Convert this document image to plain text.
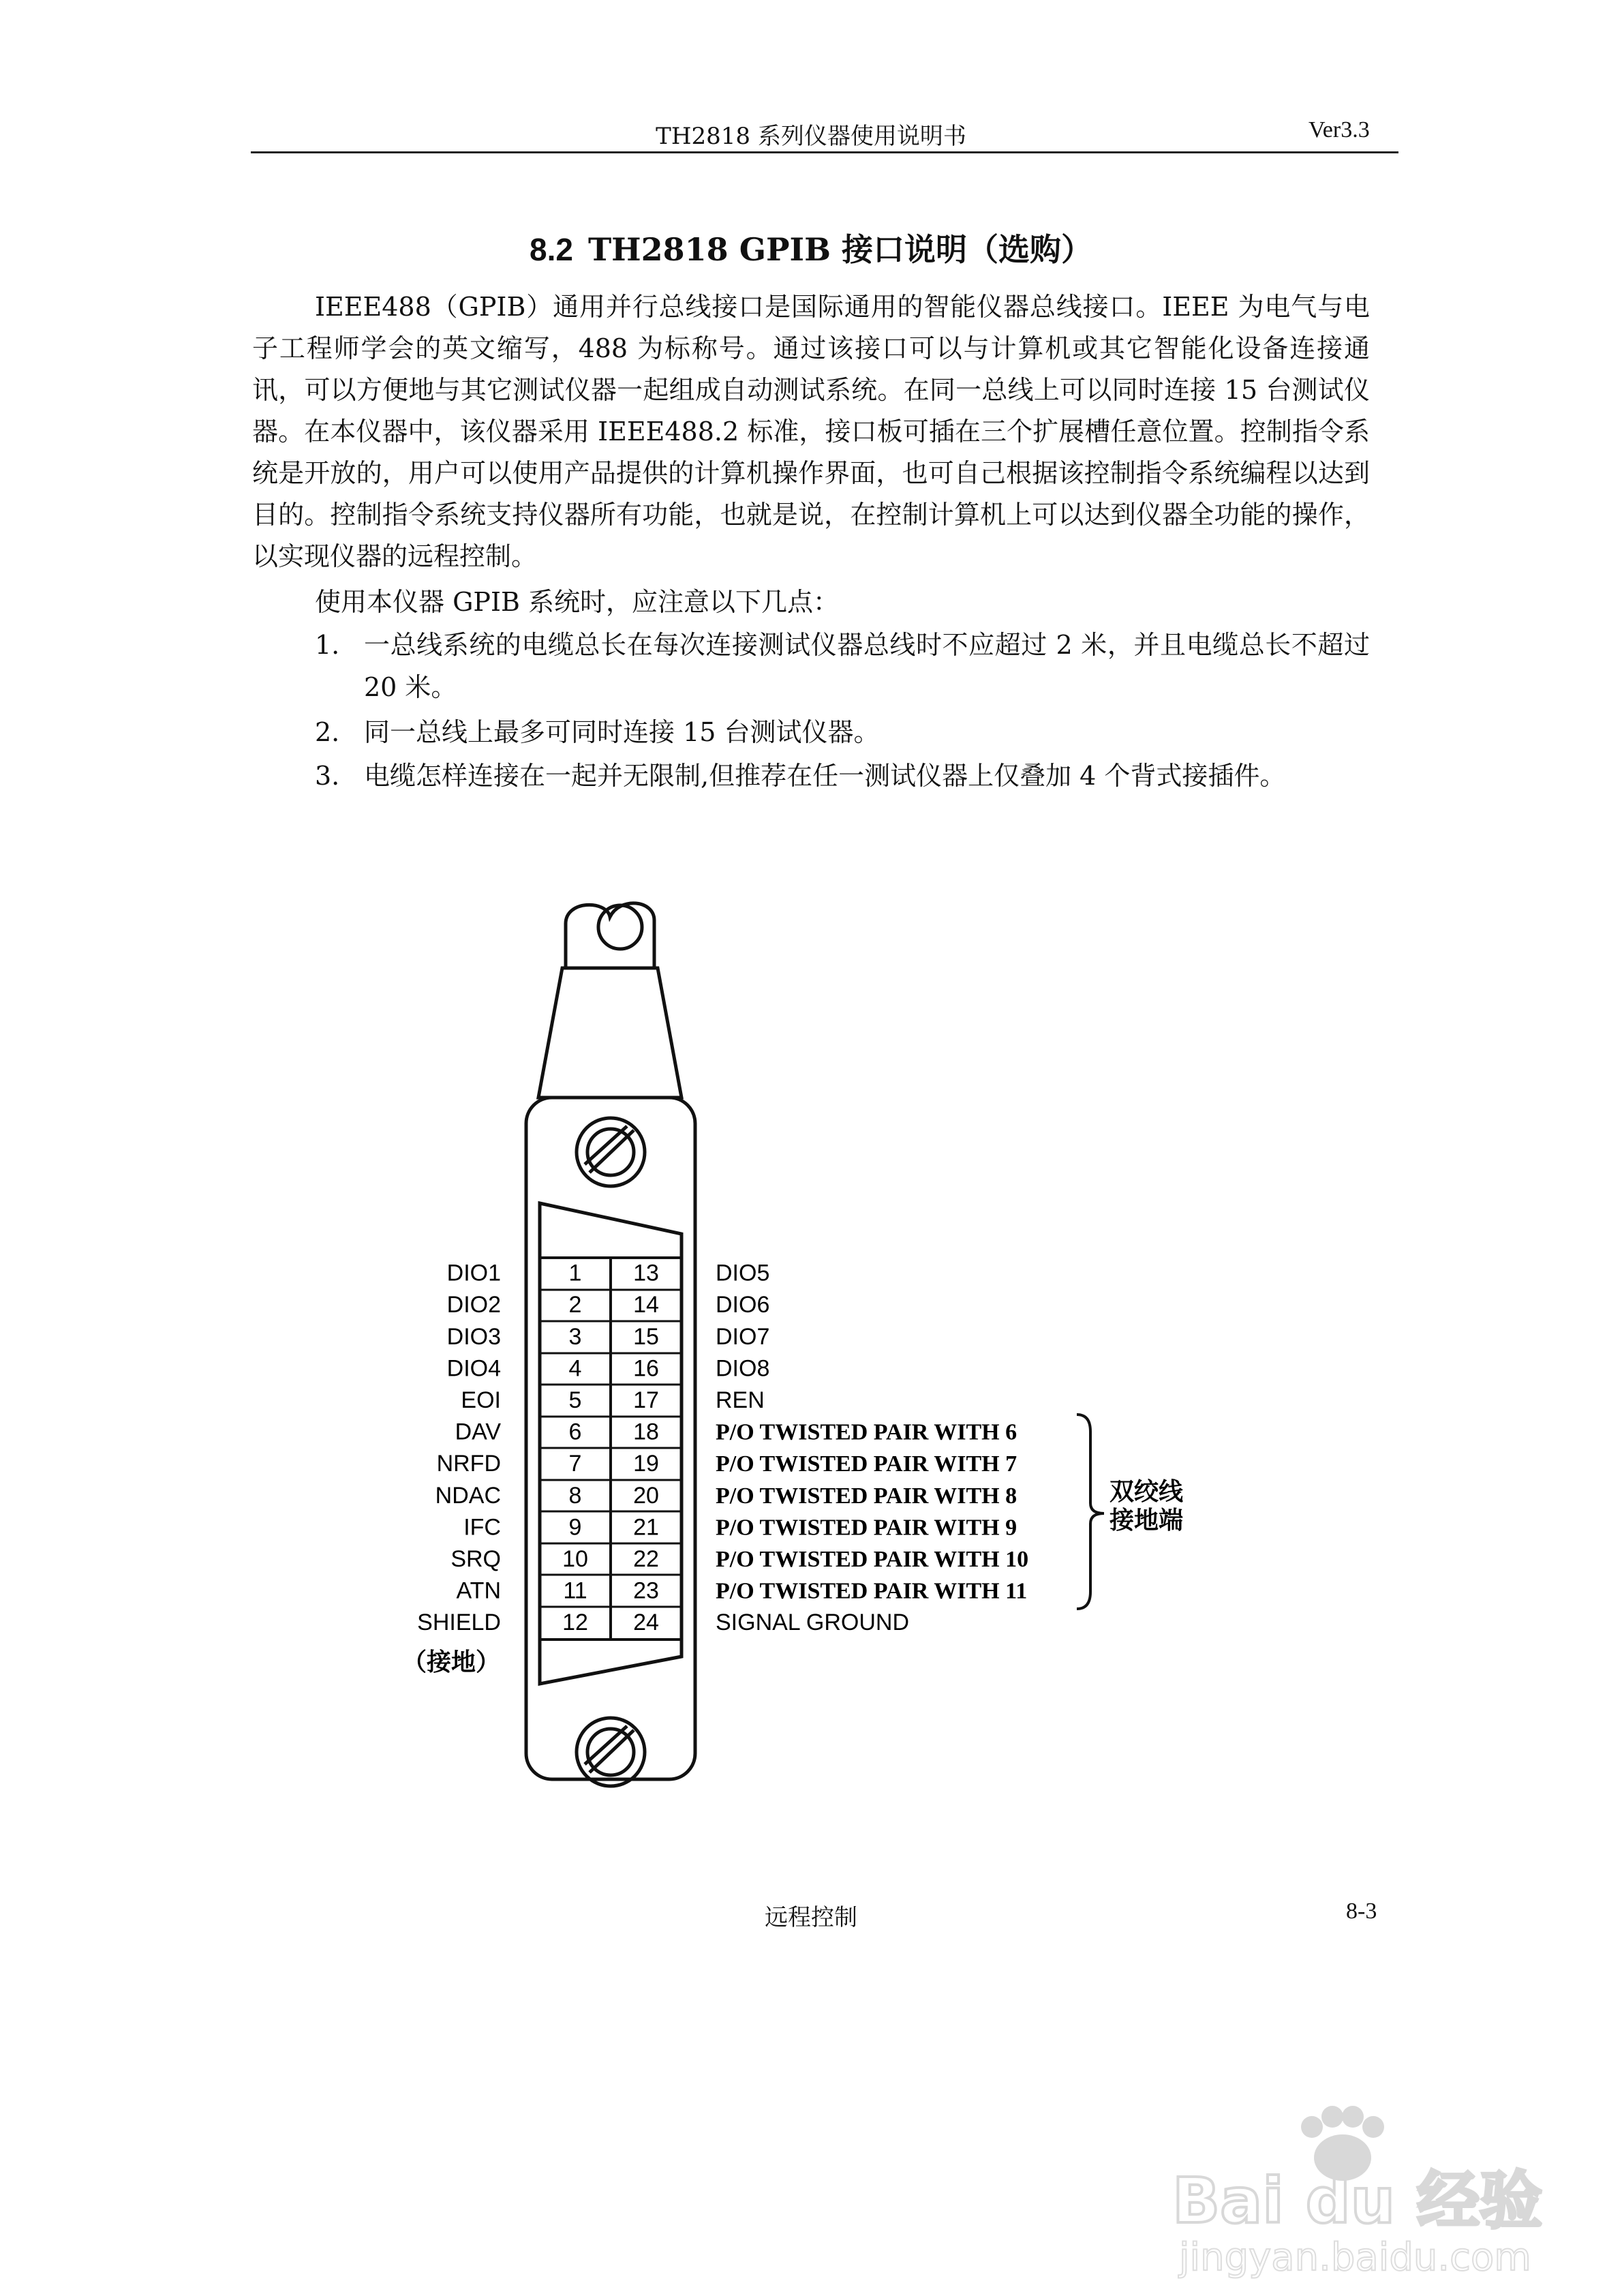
TH2818 系列仪器使用说明书	Ver3.3
8.2 TH2818 GPIB 接口说明（选购）
IEEE488（GPIB）通用并行总线接口是国际通用的智能仪器总线接口。IEEE 为电气与电子工程师学会的英文缩写，488 为标称号。通过该接口可以与计算机或其它智能化设备连接通讯，可以方便地与其它测试仪器一起组成自动测试系统。在同一总线上可以同时连接 15 台测试仪器。在本仪器中，该仪器采用 IEEE488.2 标准，接口板可插在三个扩展槽任意位置。控制指令系统是开放的，用户可以使用产品提供的计算机操作界面，也可自己根据该控制指令系统编程以达到目的。控制指令系统支持仪器所有功能，也就是说，在控制计算机上可以达到仪器全功能的操作，以实现仪器的远程控制。
使用本仪器 GPIB 系统时，应注意以下几点：
1. 一总线系统的电缆总长在每次连接测试仪器总线时不应超过 2 米，并且电缆总长不超过 20 米。
2. 同一总线上最多可同时连接 15 台测试仪器。
3. 电缆怎样连接在一起并无限制,但推荐在任一测试仪器上仅叠加 4 个背式接插件。
DIO1	1 13 DIO5
DIO2	2 14 DIO6
DIO3	3 15 DIO7
DIO4	4 16 DIO8
EOI	5 17 REN
DAV	6 18 P/O TWISTED PAIR WITH 6
NRFD	7 19 P/O TWISTED PAIR WITH 7
NDAC	8 20 P/O TWISTED PAIR WITH 8
IFC	9 21 P/O TWISTED PAIR WITH 9
SRQ	10 22 P/O TWISTED PAIR WITH 10
ATN	11 23 P/O TWISTED PAIR WITH 11
SHIELD	12 24 SIGNAL GROUND
双绞线
接地端
（接地）
远程控制	8-3
Bai du 经验
jingyan.baidu.com
